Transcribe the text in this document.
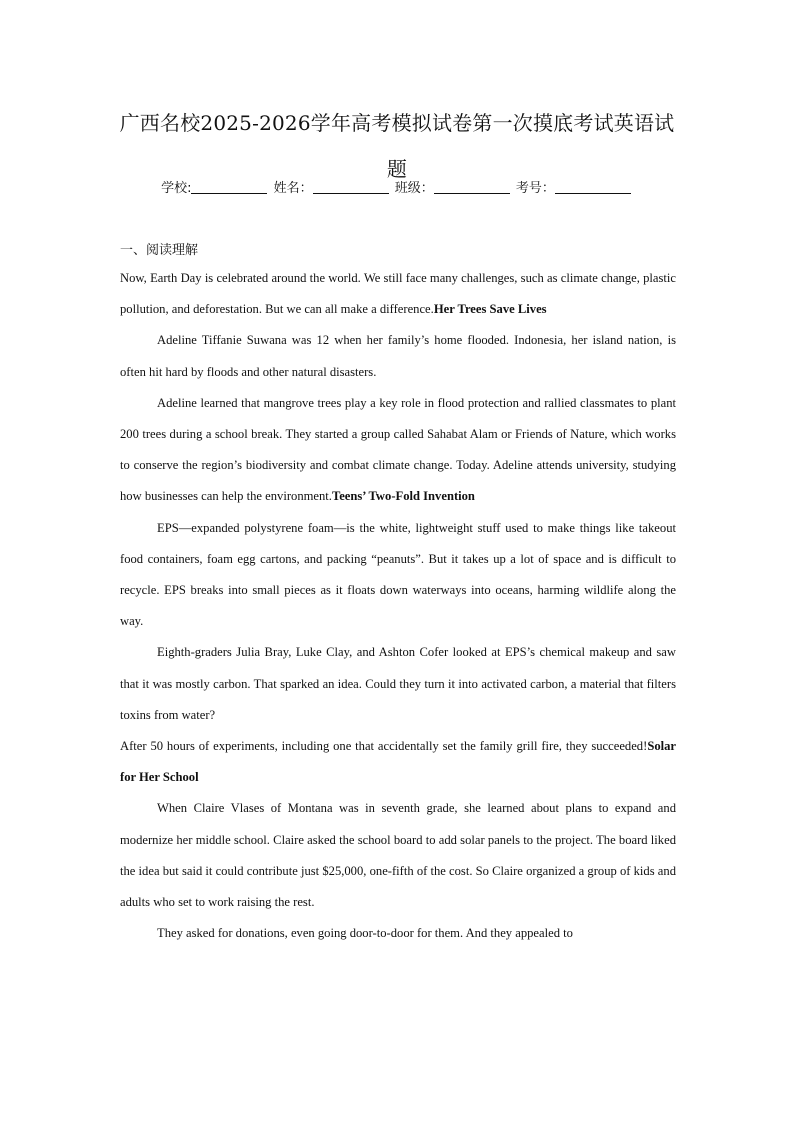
广西名校2025-2026学年高考模拟试卷第一次摸底考试英语试题
学校:	姓名：	班级：	考号：
一、阅读理解

Now, Earth Day is celebrated around the world. We still face many challenges, such as climate change, plastic pollution, and deforestation. But we can all make a difference.Her Trees Save Lives

Adeline Tiffanie Suwana was 12 when her family’s home flooded. Indonesia, her island nation, is often hit hard by floods and other natural disasters.

Adeline learned that mangrove trees play a key role in flood protection and rallied classmates to plant 200 trees during a school break. They started a group called Sahabat Alam or Friends of Nature, which works to conserve the region’s biodiversity and combat climate change. Today. Adeline attends university, studying how businesses can help the environment.Teens’ Two-Fold Invention

EPS—expanded polystyrene foam—is the white, lightweight stuff used to make things like takeout food containers, foam egg cartons, and packing “peanuts”. But it takes up a lot of space and is difficult to recycle. EPS breaks into small pieces as it floats down waterways into oceans, harming wildlife along the way.

Eighth-graders Julia Bray, Luke Clay, and Ashton Cofer looked at EPS’s chemical makeup and saw that it was mostly carbon. That sparked an idea. Could they turn it into activated carbon, a material that filters toxins from water?

After 50 hours of experiments, including one that accidentally set the family grill fire, they succeeded!Solar for Her School

When Claire Vlases of Montana was in seventh grade, she learned about plans to expand and modernize her middle school. Claire asked the school board to add solar panels to the project. The board liked the idea but said it could contribute just $25,000, one-fifth of the cost. So Claire organized a group of kids and adults who set to work raising the rest.

They asked for donations, even going door-to-door for them. And they appealed to
